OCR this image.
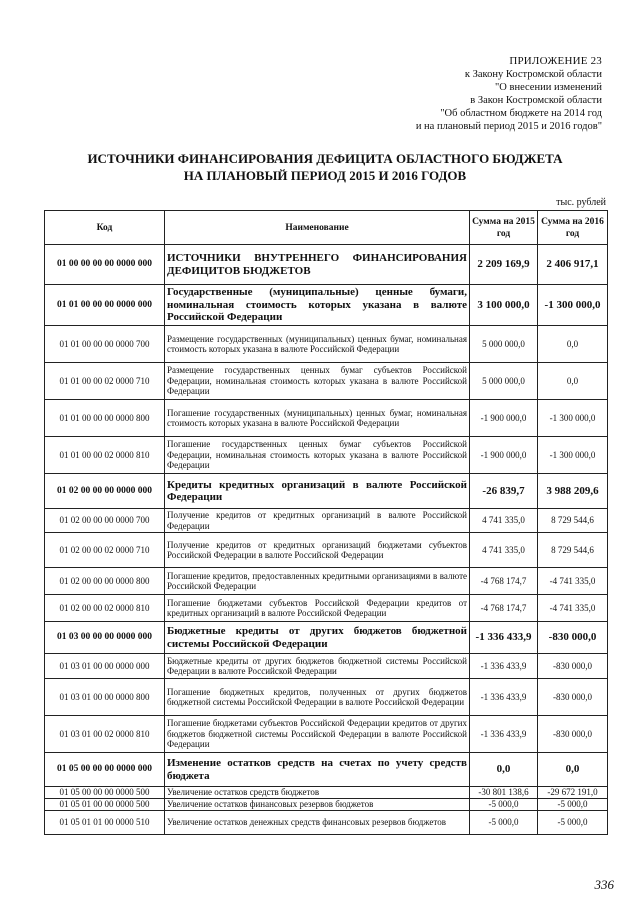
ПРИЛОЖЕНИЕ 23
к Закону Костромской области
"О внесении изменений
в Закон Костромской области
"Об областном бюджете на 2014 год
и на плановый период 2015 и 2016 годов"
ИСТОЧНИКИ ФИНАНСИРОВАНИЯ ДЕФИЦИТА ОБЛАСТНОГО БЮДЖЕТА
НА ПЛАНОВЫЙ ПЕРИОД 2015 И 2016 ГОДОВ
тыс. рублей
Код	Наименование	Сумма на 2015 год	Сумма на 2016 год
01 00 00 00 00 0000 000	ИСТОЧНИКИ ВНУТРЕННЕГО ФИНАНСИРОВАНИЯ ДЕФИЦИТОВ БЮДЖЕТОВ	2 209 169,9	2 406 917,1
01 01 00 00 00 0000 000	Государственные (муниципальные) ценные бумаги, номинальная стоимость которых указана в валюте Российской Федерации	3 100 000,0	-1 300 000,0
01 01 00 00 00 0000 700	Размещение государственных (муниципальных) ценных бумаг, номинальная стоимость которых указана в валюте Российской Федерации	5 000 000,0	0,0
01 01 00 00 02 0000 710	Размещение государственных ценных бумаг субъектов Российской Федерации, номинальная стоимость которых указана в валюте Российской Федерации	5 000 000,0	0,0
01 01 00 00 00 0000 800	Погашение государственных (муниципальных) ценных бумаг, номинальная стоимость которых указана в валюте Российской Федерации	-1 900 000,0	-1 300 000,0
01 01 00 00 02 0000 810	Погашение государственных ценных бумаг субъектов Российской Федерации, номинальная стоимость которых указана в валюте Российской Федерации	-1 900 000,0	-1 300 000,0
01 02 00 00 00 0000 000	Кредиты кредитных организаций в валюте Российской Федерации	-26 839,7	3 988 209,6
01 02 00 00 00 0000 700	Получение кредитов от кредитных организаций в валюте Российской Федерации	4 741 335,0	8 729 544,6
01 02 00 00 02 0000 710	Получение кредитов от кредитных организаций бюджетами субъектов Российской Федерации в валюте Российской Федерации	4 741 335,0	8 729 544,6
01 02 00 00 00 0000 800	Погашение кредитов, предоставленных кредитными организациями в валюте Российской Федерации	-4 768 174,7	-4 741 335,0
01 02 00 00 02 0000 810	Погашение бюджетами субъектов Российской Федерации кредитов от кредитных организаций в валюте Российской Федерации	-4 768 174,7	-4 741 335,0
01 03 00 00 00 0000 000	Бюджетные кредиты от других бюджетов бюджетной системы Российской Федерации	-1 336 433,9	-830 000,0
01 03 01 00 00 0000 000	Бюджетные кредиты от других бюджетов бюджетной системы Российской Федерации в валюте Российской Федерации	-1 336 433,9	-830 000,0
01 03 01 00 00 0000 800	Погашение бюджетных кредитов, полученных от других бюджетов бюджетной системы Российской Федерации в валюте Российской Федерации	-1 336 433,9	-830 000,0
01 03 01 00 02 0000 810	Погашение бюджетами субъектов Российской Федерации кредитов от других бюджетов бюджетной системы Российской Федерации в валюте Российской Федерации	-1 336 433,9	-830 000,0
01 05 00 00 00 0000 000	Изменение остатков средств на счетах по учету средств бюджета	0,0	0,0
01 05 00 00 00 0000 500	Увеличение остатков средств бюджетов	-30 801 138,6	-29 672 191,0
01 05 01 00 00 0000 500	Увеличение остатков финансовых резервов бюджетов	-5 000,0	-5 000,0
01 05 01 01 00 0000 510	Увеличение остатков денежных средств финансовых резервов бюджетов	-5 000,0	-5 000,0
336
